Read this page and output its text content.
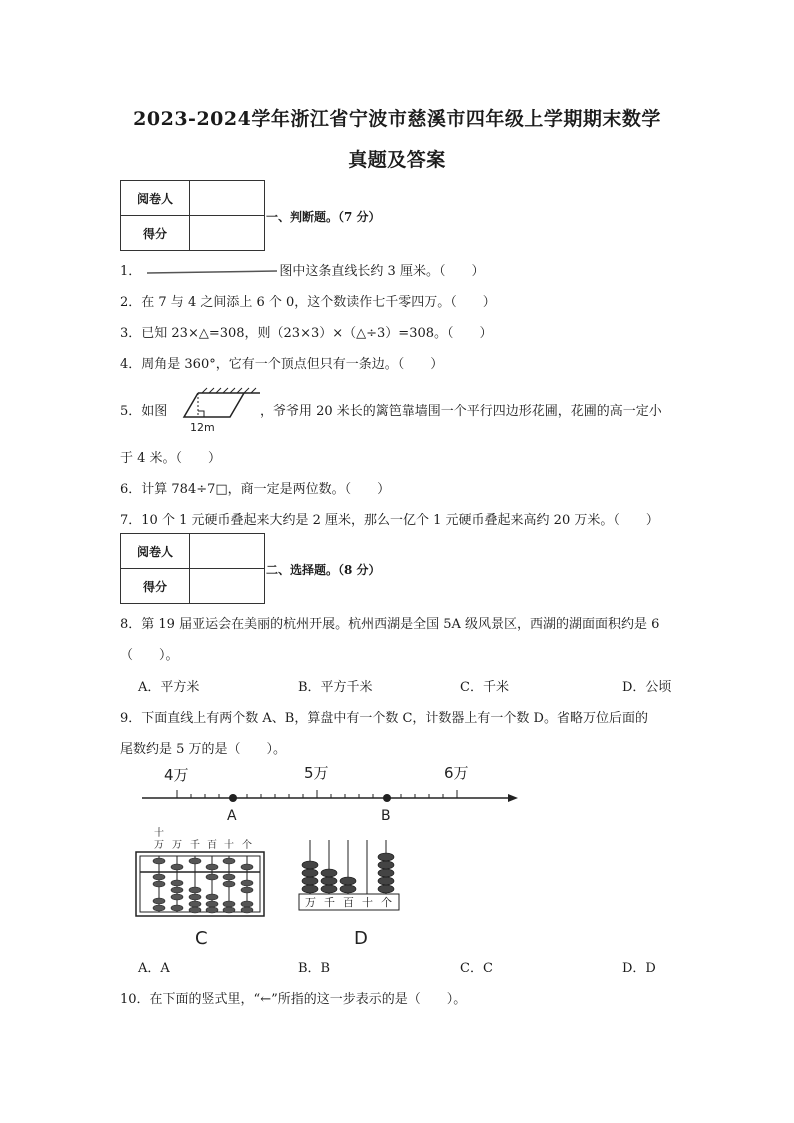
2023-2024学年浙江省宁波市慈溪市四年级上学期期末数学
真题及答案
阅卷人	
得分	
一、判断题。（7 分）
1．	图中这条直线长约 3 厘米。（　　）
2．在 7 与 4 之间添上 6 个 0，这个数读作七千零四万。（　　）
3．已知 23×△=308，则（23×3）×（△÷3）=308。（　　）
4．周角是 360°，它有一个顶点但只有一条边。（　　）
5．如图
12m
，爷爷用 20 米长的篱笆靠墙围一个平行四边形花圃，花圃的高一定小
于 4 米。（　　）
6．计算 784÷7□，商一定是两位数。（　　）
7．10 个 1 元硬币叠起来大约是 2 厘米，那么一亿个 1 元硬币叠起来高约 20 万米。（　　）
阅卷人	
得分	
二、选择题。（8 分）
8．第 19 届亚运会在美丽的杭州开展。杭州西湖是全国 5A 级风景区，西湖的湖面面积约是 6
（　　）。
A．平方米	B．平方千米	C．千米	D．公顷
9．下面直线上有两个数 A、B，算盘中有一个数 C，计数器上有一个数 D。省略万位后面的
尾数约是 5 万的是（　　）。
4万	5万	6万
A	B
十
万 万 千 百 十 个
C
万 千 百 十 个
D
A．A	B．B	C．C	D．D
10．在下面的竖式里，“←”所指的这一步表示的是（　　）。
